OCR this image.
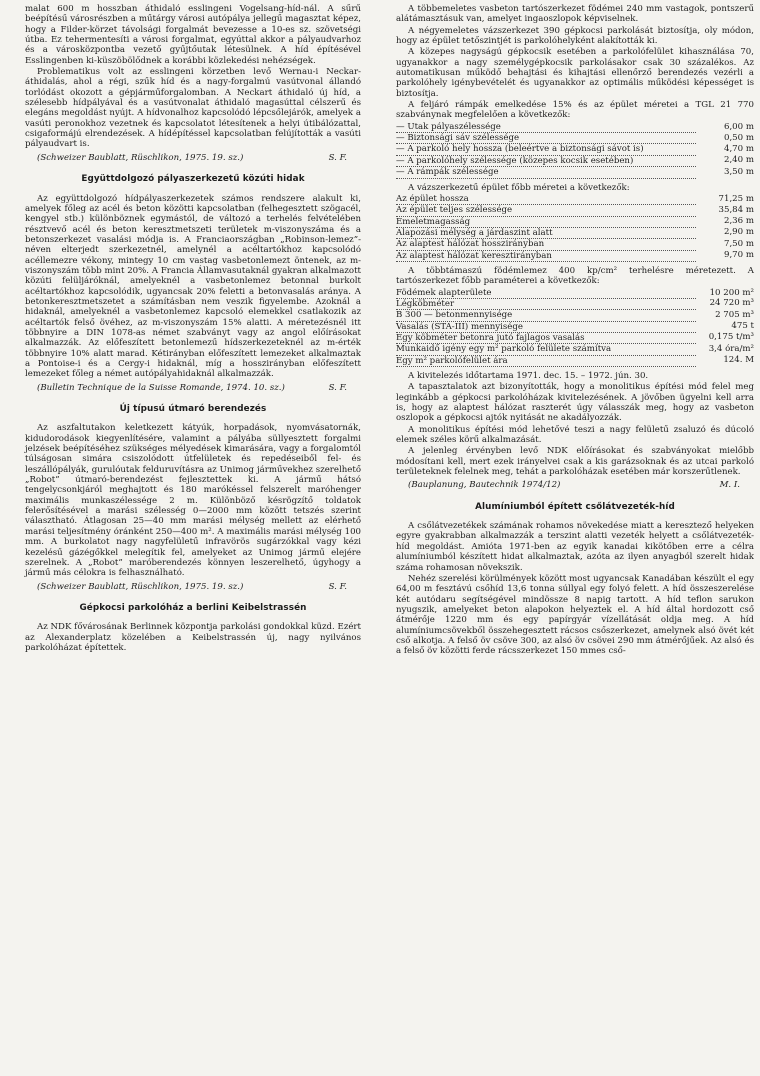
malat 600 m hosszban áthidaló esslingeni Vogelsang-híd-nál. A sűrű beépítésű városrészben a műtárgy városi autópálya jellegű magasztat képez, hogy a Filder-körzet távolsági forgalmát bevezesse a 10-es sz. szövetségi útba. Ez tehermentesíti a városi forgalmat, egyúttal akkor a pályaudvarhoz és a városközpontba vezető gyűjtőutak létesülnek. A híd építésével Esslingenben ki-küszöbölődnek a korábbi közlekedési nehézségek.

Problematikus volt az esslingeni körzetben levő Wernau-i Neckar-áthidalás, ahol a régi, szűk híd és a nagy-forgalmú vasútvonal állandó torlódást okozott a gépjárműforgalomban. A Neckart áthidaló új híd, a szélesebb hídpályával és a vasútvonalat áthidaló magasúttal célszerű és elegáns megoldást nyújt. A hídvonalhoz kapcsolódó lépcsőlejárók, amelyek a vasúti peronokhoz vezetnek és kapcsolatot létesítenek a helyi útibálózattal, csigaformájú elrendezések. A hídépítéssel kapcsolatban felújították a vasúti pályaudvart is.

(Schweizer Baublatt, Rüschlikon, 1975. 19. sz.)	S. F.
Együttdolgozó pályaszerkezetű közúti hidak

Az együttdolgozó hídpályaszerkezetek számos rendszere alakult ki, amelyek főleg az acél és beton közötti kapcsolatban (felhegesztett szögacél, kengyel stb.) különböznek egymástól, de változó a terhelés felvételében résztvevő acél és beton keresztmetszeti területek m-viszonyszáma és a betonszerkezet vasalási módja is. A Franciaországban „Robinson-lemez”-néven elterjedt szerkezetnél, amelynél a acéltartókhoz kapcsolódó acéllemezre vékony, mintegy 10 cm vastag vasbetonlemezt öntenek, az m-viszonyszám több mint 20%. A Francia Államvasutaknál gyakran alkalmazott közúti felüljáróknál, amelyeknél a vasbetonlemez betonnal burkolt acéltartókhoz kapcsolódik, ugyancsak 20% feletti a betonvasalás aránya. A betonkeresztmetszetet a számításban nem veszik figyelembe. Azoknál a hidaknál, amelyeknél a vasbetonlemez kapcsoló elemekkel csatlakozik az acéltartók felső övéhez, az m-viszonyszám 15% alatti. A méretezésnél itt többnyire a DIN 1078-as német szabványt vagy az angol előírásokat alkalmazzák. Az előfeszített betonlemezű hídszerkezeteknél az m-érték többnyire 10% alatt marad. Kétirányban előfeszített lemezeket alkalmaztak a Pontoise-i és a Cergy-i hidaknál, míg a hosszirányban előfeszített lemezeket főleg a német autópályahidaknál alkalmazzák.

(Bulletin Technique de la Suisse Romande, 1974. 10. sz.)	S. F.
Új típusú útmaró berendezés

Az aszfaltutakon keletkezett kátyúk, horpadások, nyomvásatornák, kidudorodások kiegyenlítésére, valamint a pályába süllyesztett forgalmi jelzések beépítéséhez szükséges mélyedések kimarására, vagy a forgalomtól túlságosan simára csiszolódott útfelületek és repedéseiből fel- és leszállópályák, gurulóutak felduruvításra az Unimog járművekhez szerelhető „Robot” útmaró-berendezést fejlesztettek ki. A jármű hátsó tengelycsonkjáról meghajtott és 180 marókéssel felszerelt maróhenger maximális munkaszélessége 2 m. Különböző késrögzítő toldatok felerősítésével a marási szélesség 0—2000 mm között tetszés szerint választható. Átlagosan 25—40 mm marási mélység mellett az elérhető marási teljesítmény óránként 250—400 m². A maximális marási mélység 100 mm. A burkolatot nagy nagyfelületű infravörös sugárzókkal vagy kézi kezelésű gázégőkkel melegítik fel, amelyeket az Unimog jármű elejére szerelnek. A „Robot” maróberendezés könnyen leszerelhető, úgyhogy a jármű más célokra is felhasználható.

(Schweizer Baublatt, Rüschlikon, 1975. 19. sz.)	S. F.
Gépkocsi parkolóház a berlini Keibelstrassén

Az NDK fővárosának Berlinnek központja parkolási gondokkal küzd. Ezért az Alexanderplatz közelében a Keibelstrassén új, nagy nyilvános parkolóházat építettek.

A többemeletes vasbeton tartószerkezet födémei 240 mm vastagok, pontszerű alátámasztásuk van, amelyet ingaoszlopok képviselnek.

A négyemeletes vázszerkezet 390 gépkocsi parkolását biztosítja, oly módon, hogy az épület tetőszintjét is parkolóhelyként alakították ki.

A közepes nagyságú gépkocsik esetében a parkolófelület kihasználása 70, ugyanakkor a nagy személygépkocsik parkolásakor csak 30 százalékos. Az automatikusan működő behajtási és kihajtási ellenőrző berendezés vezérli a parkolóhely igénybevételét és ugyanakkor az optimális működési képességet is biztosítja.

A feljáró rámpák emelkedése 15% és az épület méretei a TGL 21 770 szabványnak megfelelően a következők:

— Utak pályaszélessége	6,00 m
— Biztonsági sáv szélessége	0,50 m
— A parkoló hely hossza (beleértve a biztonsági sávot is)	4,70 m
— A parkolóhely szélessége (közepes kocsik esetében)	2,40 m
— A rámpák szélessége	3,50 m

A vázszerkezetű épület főbb méretei a következők:

Az épület hossza	71,25 m
Az épület teljes szélessége	35,84 m
Emeletmagasság	2,36 m
Alapozási mélység a járdaszint alatt	2,90 m
Az alaptest hálózat hosszirányban	7,50 m
Az alaptest hálózat keresztirányban	9,70 m

A többtámaszú födémlemez 400 kp/cm² terhelésre méretezett. A tartószerkezet főbb paraméterei a következők:

Födémek alapterülete	10 200 m²
Légköbméter	24 720 m³
B 300 — betonmennyisége	2 705 m³
Vasalás (STA-III) mennyisége	475 t
Egy köbméter betonra jutó fajlagos vasalás	0,175 t/m³
Munkaidő igény egy m² parkoló felülete számítva	3,4 óra/m²
Egy m² parkolófelület ára	124. M

A kivitelezés időtartama 1971. dec. 15. – 1972. jún. 30.

A tapasztalatok azt bizonyították, hogy a monolitikus építési mód felel meg leginkább a gépkocsi parkolóházak kivitelezésének. A jövőben ügyelni kell arra is, hogy az alaptest hálózat raszterét úgy válasszák meg, hogy az vasbeton oszlopok a gépkocsi ajtók nyitását ne akadályozzák.

A monolitikus építési mód lehetővé teszi a nagy felületű zsaluzó és dúcoló elemek széles körű alkalmazását.

A jelenleg érvényben levő NDK előírásokat és szabványokat mielőbb módosítani kell, mert ezek irányelvei csak a kis garázsoknak és az utcai parkoló területeknek felelnek meg, tehát a parkolóházak esetében már korszerűtlenek.

(Bauplanung, Bautechnik 1974/12)	M. I.
Alumíniumból épített csőlátvezeték-híd

A csőlátvezetékek számának rohamos növekedése miatt a keresztező helyeken egyre gyakrabban alkalmazzák a terszint alatti vezeték helyett a csőlátvezeték-híd megoldást. Amióta 1971-ben az egyik kanadai kikötőben erre a célra alumíniumból készített hidat alkalmaztak, azóta az ilyen anyagból szerelt hidak száma rohamosan növekszik.

Nehéz szerelési körülmények között most ugyancsak Kanadában készült el egy 64,00 m fesztávú csőhíd 13,6 tonna súllyal egy folyó felett. A híd összeszerelése két autódaru segítségével mindössze 8 napig tartott. A híd teflon sarukon nyugszik, amelyeket beton alapokon helyeztek el. A híd által hordozott cső átmérője 1220 mm és egy papírgyár vízellátását oldja meg. A híd alumíniumcsövekből összehegesztett rácsos csőszerkezet, amelynek alsó övét két cső alkotja. A felső öv csöve 300, az alsó öv csövei 290 mm átmérőjűek. Az alsó és a felső öv közötti ferde rácsszerkezet 150 mmes cső-
